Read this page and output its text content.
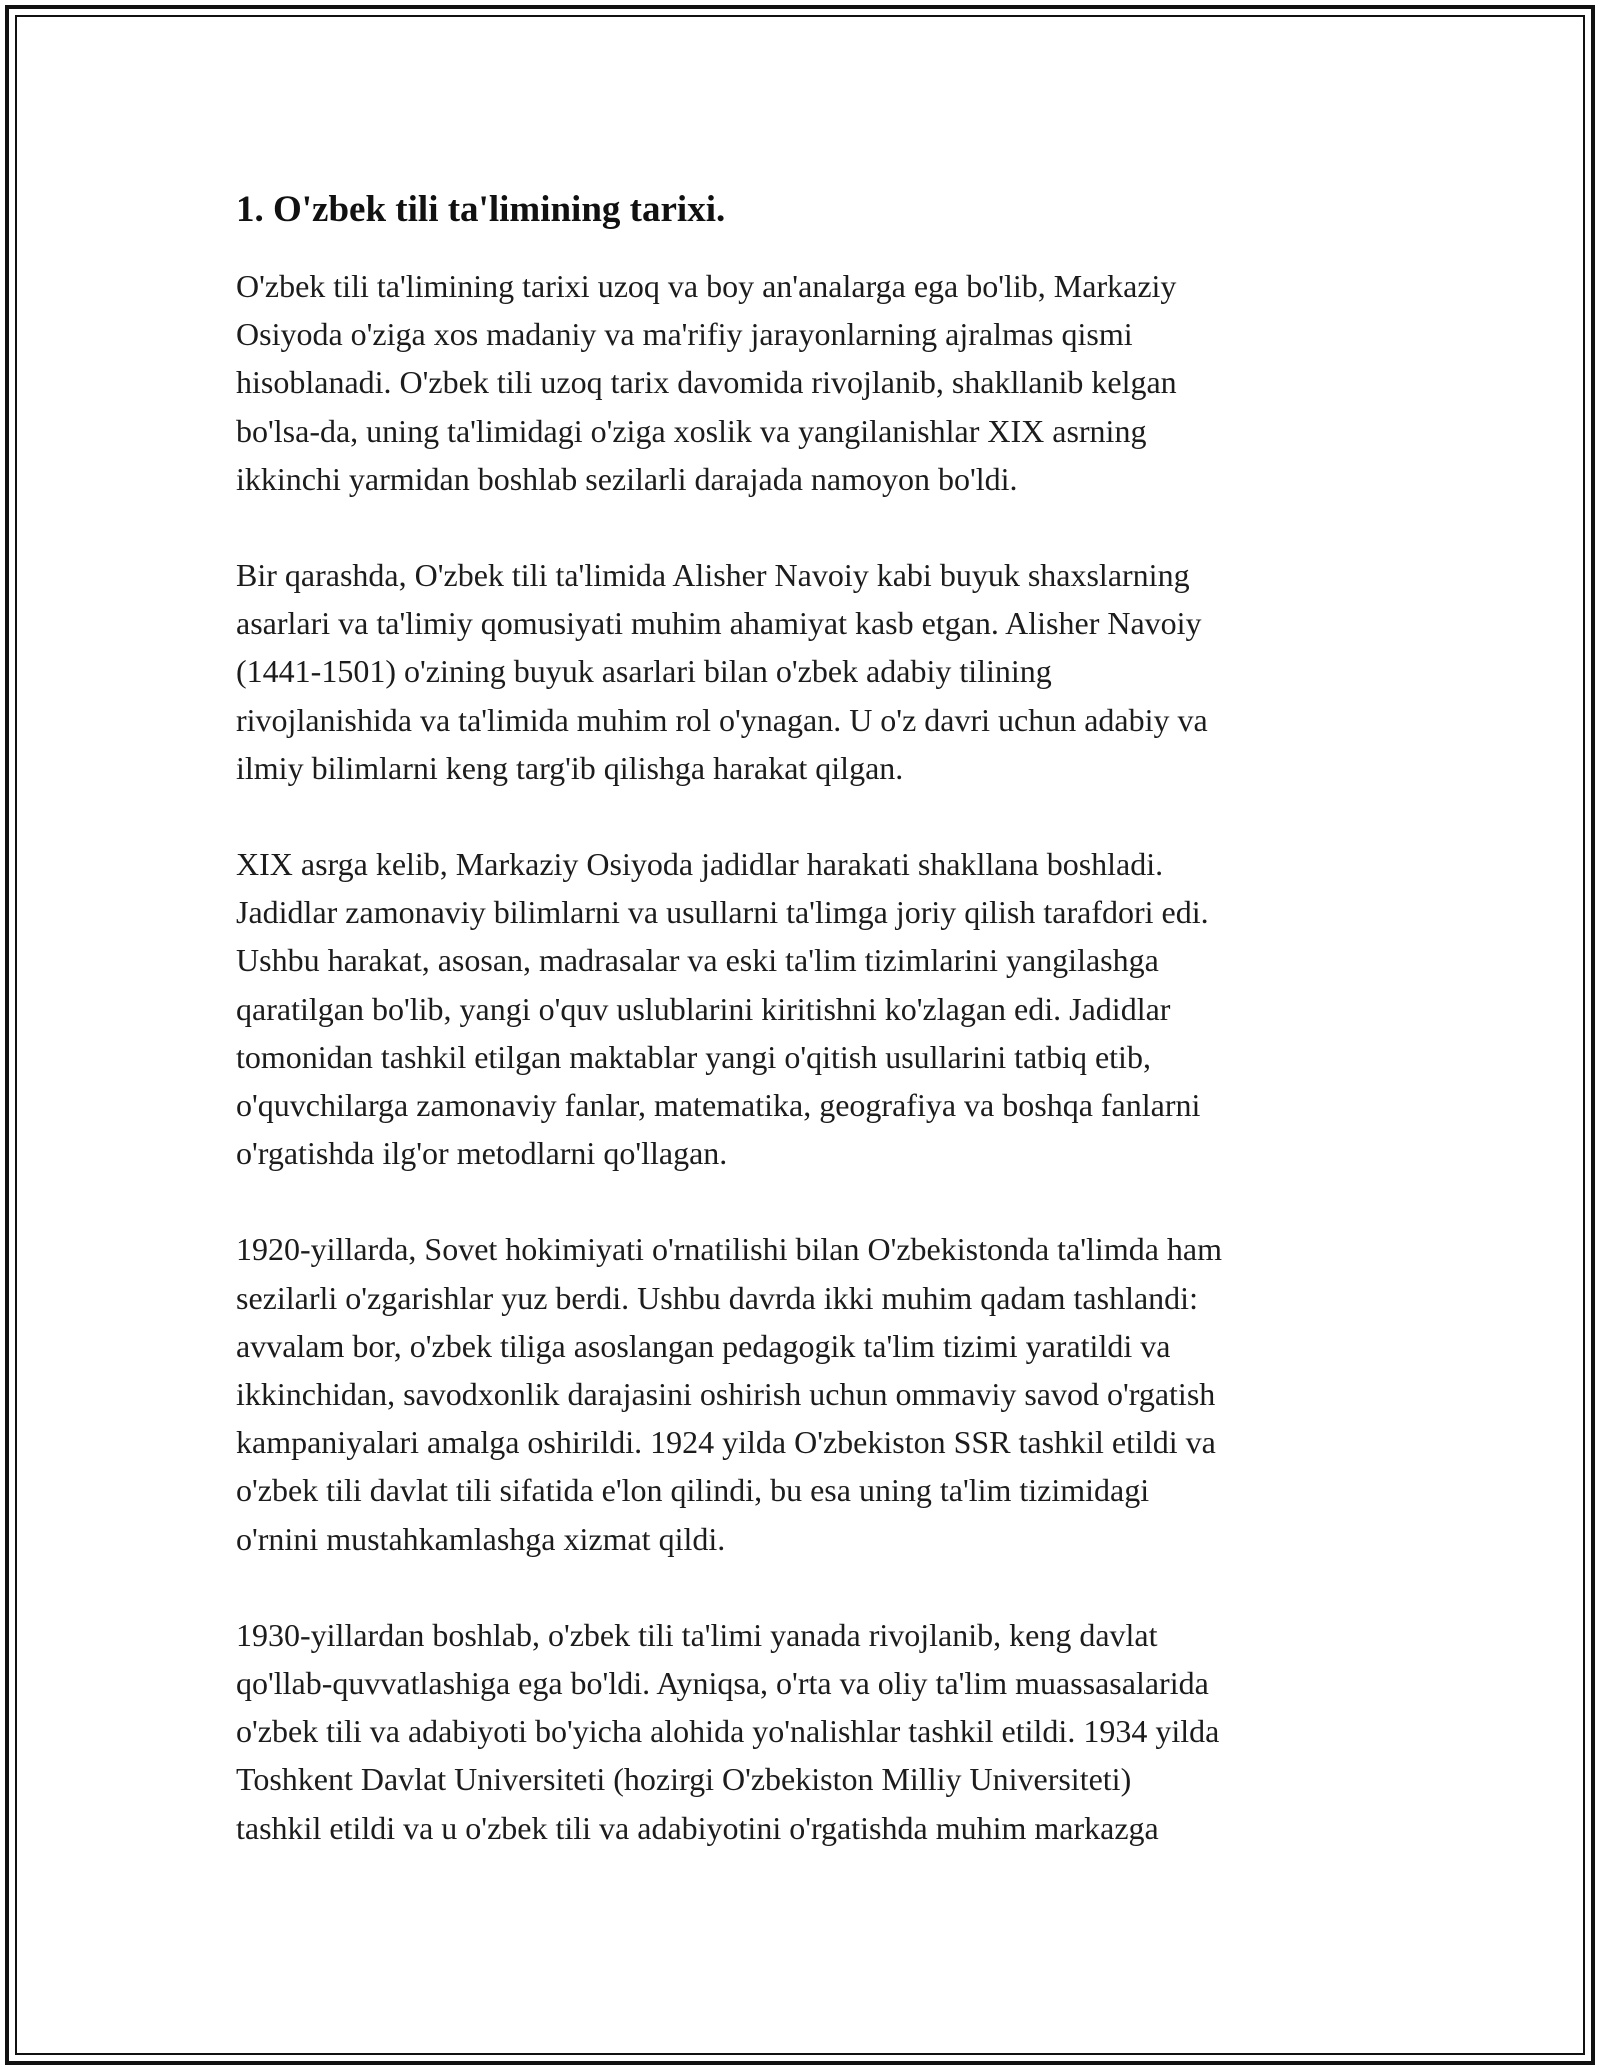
1. O'zbek tili ta'limining tarixi.

O'zbek tili ta'limining tarixi uzoq va boy an'analarga ega bo'lib, Markaziy
Osiyoda o'ziga xos madaniy va ma'rifiy jarayonlarning ajralmas qismi
hisoblanadi. O'zbek tili uzoq tarix davomida rivojlanib, shakllanib kelgan
bo'lsa-da, uning ta'limidagi o'ziga xoslik va yangilanishlar XIX asrning
ikkinchi yarmidan boshlab sezilarli darajada namoyon bo'ldi.

Bir qarashda, O'zbek tili ta'limida Alisher Navoiy kabi buyuk shaxslarning
asarlari va ta'limiy qomusiyati muhim ahamiyat kasb etgan. Alisher Navoiy
(1441-1501) o'zining buyuk asarlari bilan o'zbek adabiy tilining
rivojlanishida va ta'limida muhim rol o'ynagan. U o'z davri uchun adabiy va
ilmiy bilimlarni keng targ'ib qilishga harakat qilgan.

XIX asrga kelib, Markaziy Osiyoda jadidlar harakati shakllana boshladi.
Jadidlar zamonaviy bilimlarni va usullarni ta'limga joriy qilish tarafdori edi.
Ushbu harakat, asosan, madrasalar va eski ta'lim tizimlarini yangilashga
qaratilgan bo'lib, yangi o'quv uslublarini kiritishni ko'zlagan edi. Jadidlar
tomonidan tashkil etilgan maktablar yangi o'qitish usullarini tatbiq etib,
o'quvchilarga zamonaviy fanlar, matematika, geografiya va boshqa fanlarni
o'rgatishda ilg'or metodlarni qo'llagan.

1920-yillarda, Sovet hokimiyati o'rnatilishi bilan O'zbekistonda ta'limda ham
sezilarli o'zgarishlar yuz berdi. Ushbu davrda ikki muhim qadam tashlandi:
avvalam bor, o'zbek tiliga asoslangan pedagogik ta'lim tizimi yaratildi va
ikkinchidan, savodxonlik darajasini oshirish uchun ommaviy savod o'rgatish
kampaniyalari amalga oshirildi. 1924 yilda O'zbekiston SSR tashkil etildi va
o'zbek tili davlat tili sifatida e'lon qilindi, bu esa uning ta'lim tizimidagi
o'rnini mustahkamlashga xizmat qildi.

1930-yillardan boshlab, o'zbek tili ta'limi yanada rivojlanib, keng davlat
qo'llab-quvvatlashiga ega bo'ldi. Ayniqsa, o'rta va oliy ta'lim muassasalarida
o'zbek tili va adabiyoti bo'yicha alohida yo'nalishlar tashkil etildi. 1934 yilda
Toshkent Davlat Universiteti (hozirgi O'zbekiston Milliy Universiteti)
tashkil etildi va u o'zbek tili va adabiyotini o'rgatishda muhim markazga
